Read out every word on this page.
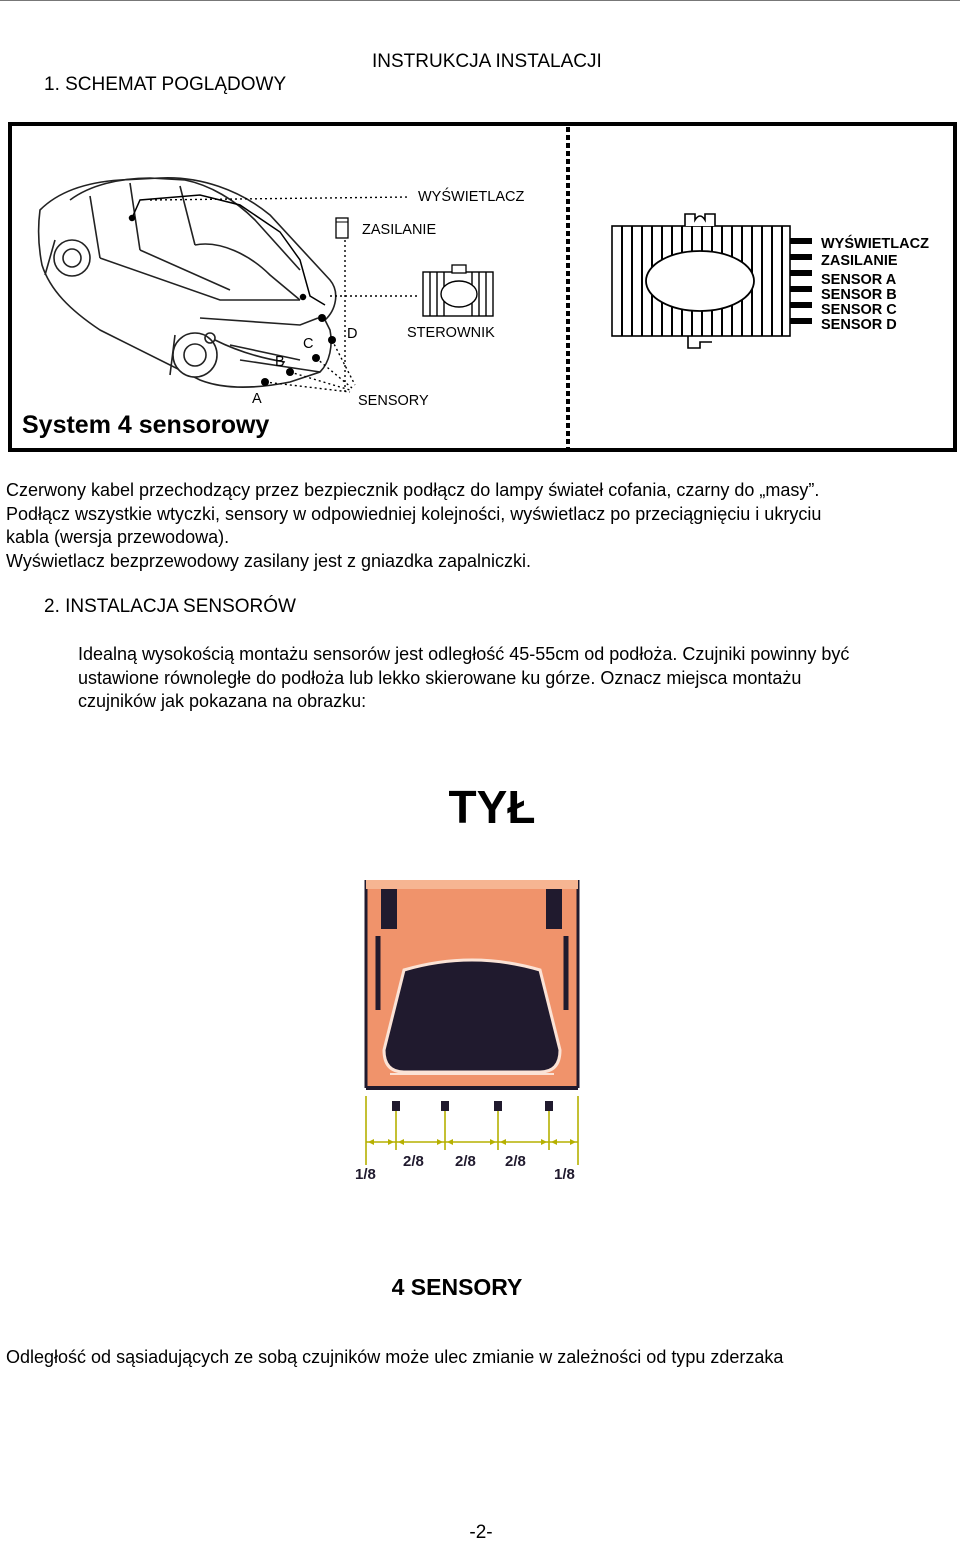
1. SCHEMAT POGLĄDOWY
INSTRUKCJA INSTALACJI
WYŚWIETLACZ
ZASILANIE
STEROWNIK
SENSORY
A
B
C
D
System 4 sensorowy
WYŚWIETLACZ
ZASILANIE
SENSOR A
SENSOR B
SENSOR C
SENSOR D
Czerwony kabel przechodzący przez bezpiecznik podłącz do lampy świateł cofania, czarny do „masy”.
Podłącz wszystkie wtyczki, sensory w odpowiedniej kolejności, wyświetlacz po przeciągnięciu i ukryciu
kabla (wersja przewodowa).
Wyświetlacz bezprzewodowy zasilany jest z gniazdka zapalniczki.
2. INSTALACJA SENSORÓW
Idealną wysokością montażu sensorów jest odległość 45-55cm od podłoża. Czujniki powinny być
ustawione równoległe do podłoża lub lekko skierowane ku górze. Oznacz miejsca montażu
czujników jak pokazana na obrazku:
TYŁ
1/8
2/8 2/8 2/8
1/8
4 SENSORY
Odległość od sąsiadujących ze sobą czujników może ulec zmianie w zależności od typu zderzaka
-2-
